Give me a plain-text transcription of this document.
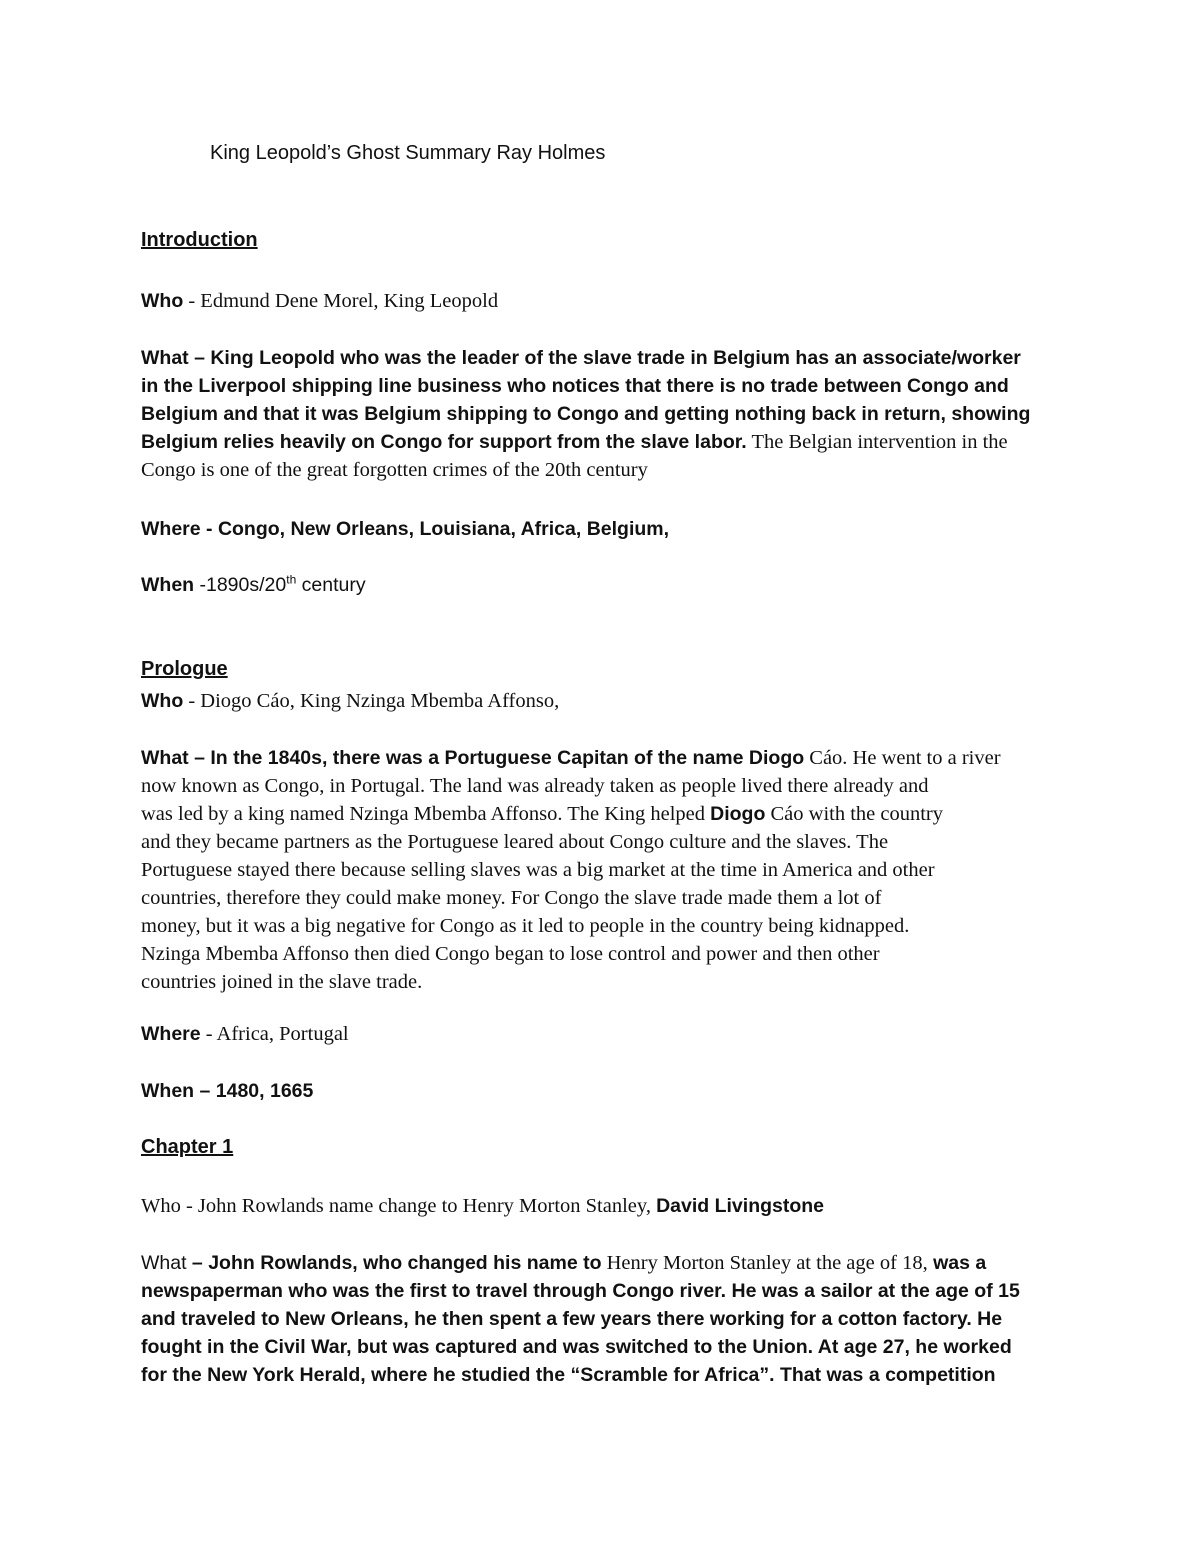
King Leopold’s Ghost Summary Ray Holmes
Introduction
Who - Edmund Dene Morel, King Leopold
What – King Leopold who was the leader of the slave trade in Belgium has an associate/worker
in the Liverpool shipping line business who notices that there is no trade between Congo and
Belgium and that it was Belgium shipping to Congo and getting nothing back in return, showing
Belgium relies heavily on Congo for support from the slave labor. The Belgian intervention in the
Congo is one of the great forgotten crimes of the 20th century
Where - Congo, New Orleans, Louisiana, Africa, Belgium,
When -1890s/20th century
Prologue
Who - Diogo Cáo, King Nzinga Mbemba Affonso,
What – In the 1840s, there was a Portuguese Capitan of the name Diogo Cáo. He went to a river
now known as Congo, in Portugal. The land was already taken as people lived there already and
was led by a king named Nzinga Mbemba Affonso. The King helped Diogo Cáo with the country
and they became partners as the Portuguese leared about Congo culture and the slaves. The
Portuguese stayed there because selling slaves was a big market at the time in America and other
countries, therefore they could make money. For Congo the slave trade made them a lot of
money, but it was a big negative for Congo as it led to people in the country being kidnapped.
Nzinga Mbemba Affonso then died Congo began to lose control and power and then other
countries joined in the slave trade.
Where - Africa, Portugal
When – 1480, 1665
Chapter 1
Who - John Rowlands name change to Henry Morton Stanley, David Livingstone
What – John Rowlands, who changed his name to Henry Morton Stanley at the age of 18, was a
newspaperman who was the first to travel through Congo river. He was a sailor at the age of 15
and traveled to New Orleans, he then spent a few years there working for a cotton factory. He
fought in the Civil War, but was captured and was switched to the Union. At age 27, he worked
for the New York Herald, where he studied the “Scramble for Africa”. That was a competition
